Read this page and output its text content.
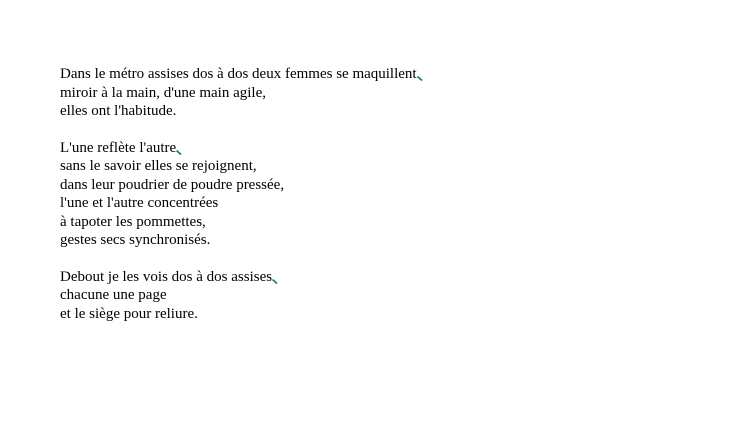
Dans le métro assises dos à dos deux femmes se maquillent
miroir à la main, d'une main agile,
elles ont l'habitude.
L'une reflète l'autre
sans le savoir elles se rejoignent,
dans leur poudrier de poudre pressée,
l'une et l'autre concentrées
à tapoter les pommettes,
gestes secs synchronisés.
Debout je les vois dos à dos assises
chacune une page
et le siège pour reliure.
